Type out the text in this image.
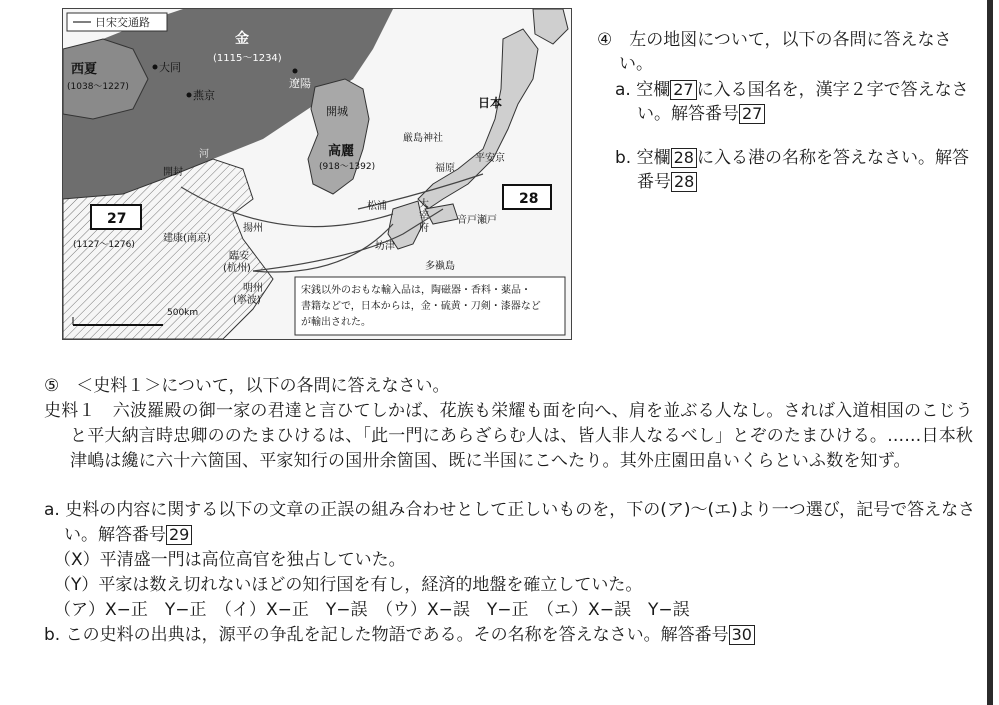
日宋交通路
西夏
(1038〜1227)
金
(1115〜1234)
大同
燕京
遼陽
開城
高麗
(918〜1392)
日本
厳島神社
福原
平安京
松浦	大
宰
府
坊津
音戸瀬戸
多褹島
開封
河
建康(南京)
揚州
臨安
(杭州)
明州
(寧波)
27
(1127〜1276)
28
500km
宋銭以外のおもな輸入品は，陶磁器・香料・薬品・
書籍などで，日本からは，金・硫黄・刀剣・漆器など
が輸出された。
④　左の地図について，以下の各問に答えなさい。
a. 空欄 27 に入る国名を，漢字２字で答えなさい。解答番号 27
b. 空欄 28 に入る港の名称を答えなさい。解答番号 28
⑤　＜史料１＞について，以下の各問に答えなさい。
史料１　六波羅殿の御一家の君達と言ひてしかば、花族も栄耀も面を向へ、肩を並ぶる人なし。されば入道相国のこじうと平大納言時忠卿ののたまひけるは、「此一門にあらざらむ人は、皆人非人なるべし」とぞのたまひける。……日本秋津嶋は纔に六十六箇国、平家知行の国卅余箇国、既に半国にこへたり。其外庄園田畠いくらといふ数を知ず。
a. 史料の内容に関する以下の文章の正誤の組み合わせとして正しいものを，下の(ア)〜(エ)より一つ選び，記号で答えなさい。解答番号 29
（X）平清盛一門は高位高官を独占していた。
（Y）平家は数え切れないほどの知行国を有し，経済的地盤を確立していた。
（ア）X−正　Y−正　（イ）X−正　Y−誤　（ウ）X−誤　Y−正　（エ）X−誤　Y−誤
b. この史料の出典は，源平の争乱を記した物語である。その名称を答えなさい。解答番号 30
